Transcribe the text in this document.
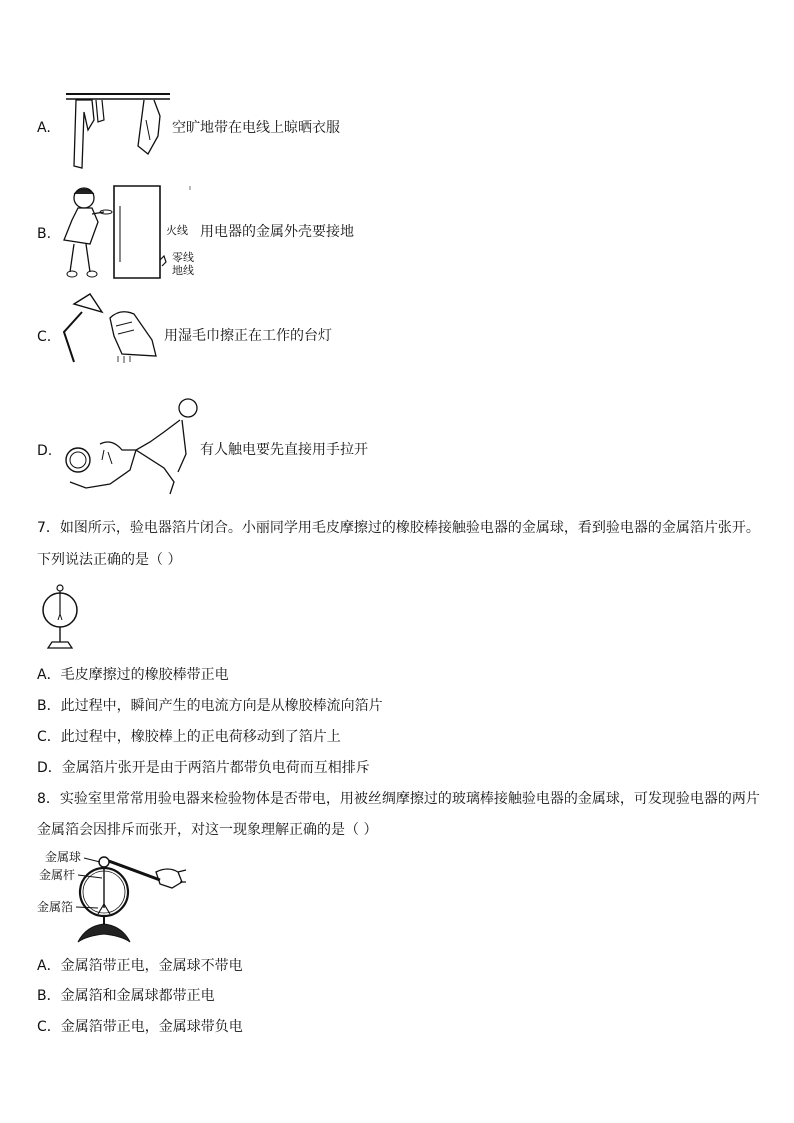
A.	空旷地带在电线上晾晒衣服
B.	火线
零线
地线
用电器的金属外壳要接地
C.	用湿毛巾擦正在工作的台灯
D.	有人触电要先直接用手拉开
7．如图所示，验电器箔片闭合。小丽同学用毛皮摩擦过的橡胶棒接触验电器的金属球，看到验电器的金属箔片张开。
下列说法正确的是（ ）
A．毛皮摩擦过的橡胶棒带正电
B．此过程中，瞬间产生的电流方向是从橡胶棒流向箔片
C．此过程中，橡胶棒上的正电荷移动到了箔片上
D．金属箔片张开是由于两箔片都带负电荷而互相排斥
8．实验室里常常用验电器来检验物体是否带电，用被丝绸摩擦过的玻璃棒接触验电器的金属球，可发现验电器的两片
金属箔会因排斥而张开，对这一现象理解正确的是（ ）
金属球
金属杆
金属箔
A．金属箔带正电，金属球不带电
B．金属箔和金属球都带正电
C．金属箔带正电，金属球带负电
